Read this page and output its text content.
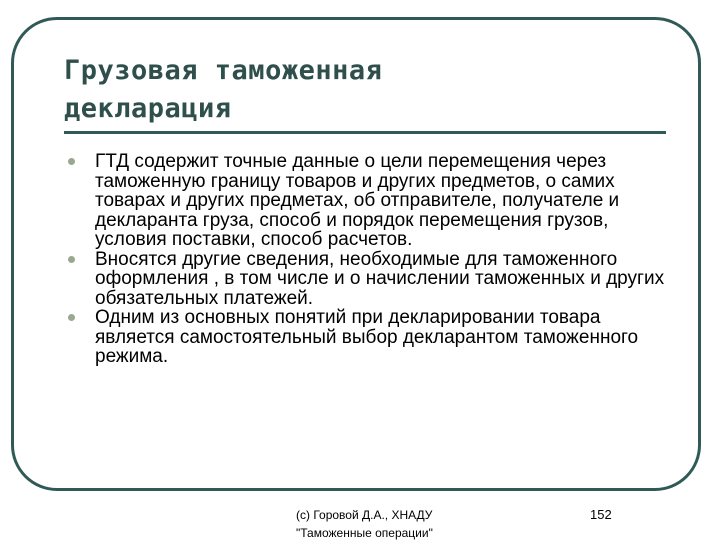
Грузовая таможенная
декларация
ГТД содержит точные данные о цели перемещения через таможенную границу товаров и других предметов, о самих товарах и других предметах, об отправителе, получателе и декларанта груза, способ и порядок перемещения грузов, условия поставки, способ расчетов.
Вносятся другие сведения, необходимые для таможенного оформления , в том числе и о начислении таможенных и других обязательных платежей.
Одним из основных понятий при декларировании товара является самостоятельный выбор декларантом таможенного режима.
(c) Горовой Д.А., ХНАДУ
"Таможенные операции"
152
